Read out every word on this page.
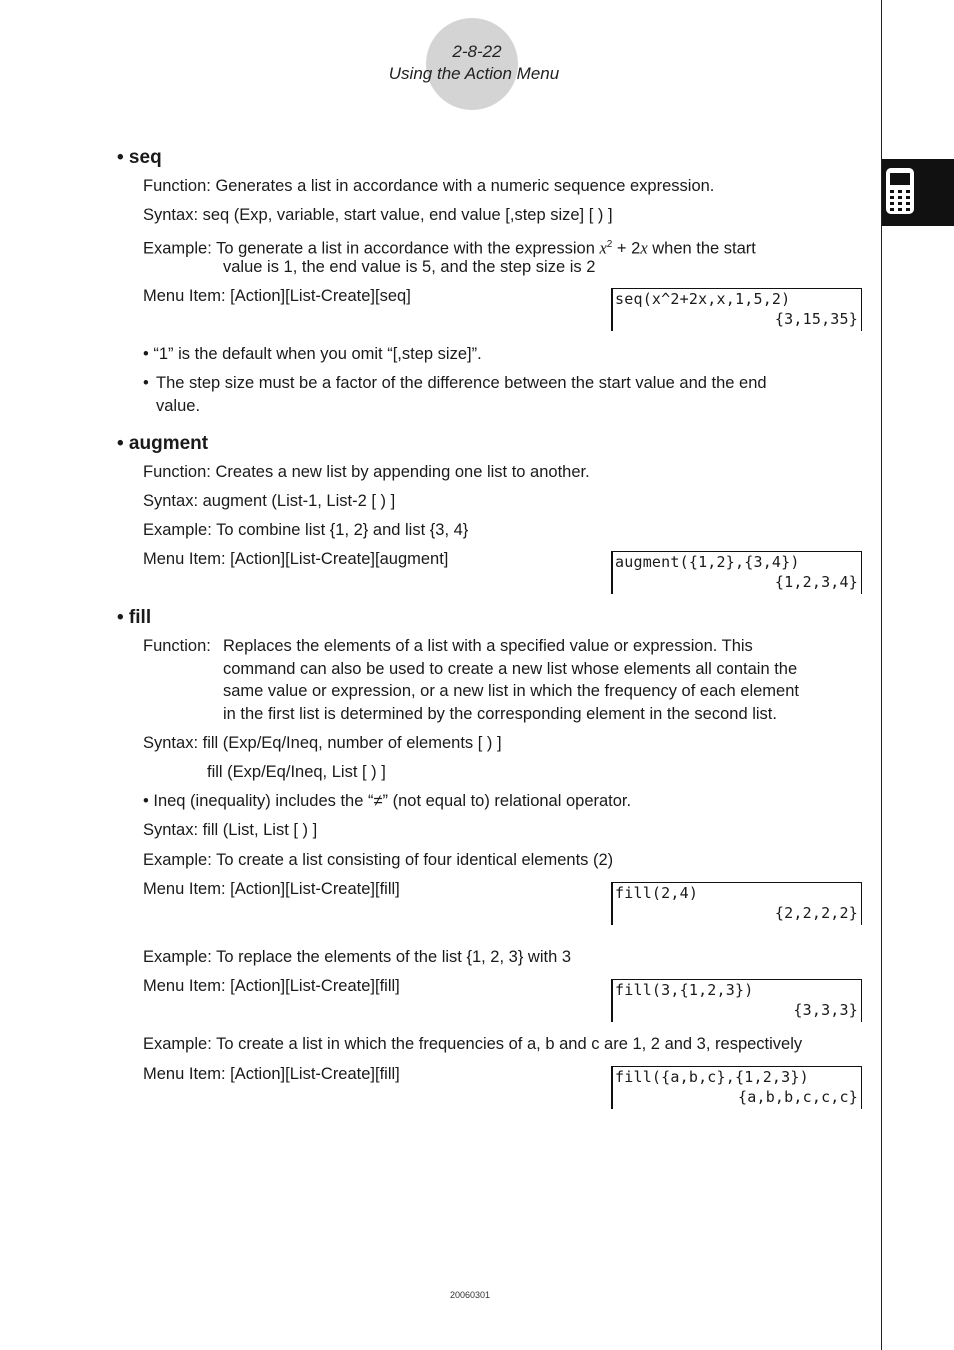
2-8-22
Using the Action Menu
• seq
Function: Generates a list in accordance with a numeric sequence expression.
Syntax: seq (Exp, variable, start value, end value [,step size] [ ) ]
Example: To generate a list in accordance with the expression $x^2 + 2x$ when the start
value is 1, the end value is 5, and the step size is 2
Menu Item: [Action][List-Create][seq]	seq(x^2+2x,x,1,5,2)
{3,15,35}
• “1” is the default when you omit “[,step size]”.
• The step size must be a factor of the difference between the start value and the end
value.
• augment
Function: Creates a new list by appending one list to another.
Syntax: augment (List-1, List-2 [ ) ]
Example: To combine list {1, 2} and list {3, 4}
Menu Item: [Action][List-Create][augment]	augment({1,2},{3,4})
{1,2,3,4}
• fill
Function: Replaces the elements of a list with a specified value or expression. This
command can also be used to create a new list whose elements all contain the
same value or expression, or a new list in which the frequency of each element
in the first list is determined by the corresponding element in the second list.
Syntax: fill (Exp/Eq/Ineq, number of elements [ ) ]
fill (Exp/Eq/Ineq, List [ ) ]
• Ineq (inequality) includes the “≠” (not equal to) relational operator.
Syntax: fill (List, List [ ) ]
Example: To create a list consisting of four identical elements (2)
Menu Item: [Action][List-Create][fill]	fill(2,4)
{2,2,2,2}
Example: To replace the elements of the list {1, 2, 3} with 3
Menu Item: [Action][List-Create][fill]	fill(3,{1,2,3})
{3,3,3}
Example: To create a list in which the frequencies of a, b and c are 1, 2 and 3, respectively
Menu Item: [Action][List-Create][fill]	fill({a,b,c},{1,2,3})
{a,b,b,c,c,c}
20060301
